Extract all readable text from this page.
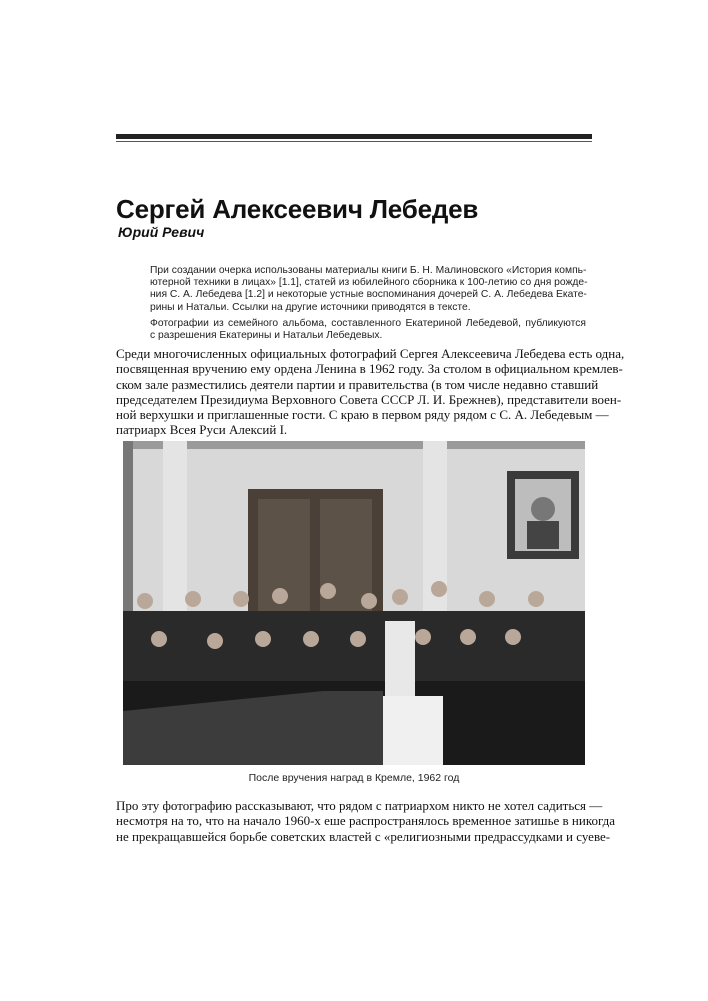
Сергей Алексеевич Лебедев
Юрий Ревич

При создании очерка использованы материалы книги Б. Н. Малиновского «История компь-
ютерной техники в лицах» [1.1], статей из юбилейного сборника к 100-летию со дня рожде-
ния С. А. Лебедева [1.2] и некоторые устные воспоминания дочерей С. А. Лебедева Екате-
рины и Натальи. Ссылки на другие источники приводятся в тексте.

Фотографии из семейного альбома, составленного Екатериной Лебедевой, публикуются
с разрешения Екатерины и Натальи Лебедевых.

Среди многочисленных официальных фотографий Сергея Алексеевича Лебедева есть одна,
посвященная вручению ему ордена Ленина в 1962 году. За столом в официальном кремлев-
ском зале разместились деятели партии и правительства (в том числе недавно ставший
председателем Президиума Верховного Совета СССР Л. И. Брежнев), представители воен-
ной верхушки и приглашенные гости. С краю в первом ряду рядом с С. А. Лебедевым —
патриарх Всея Руси Алексий I.
После вручения наград в Кремле, 1962 год
Про эту фотографию рассказывают, что рядом с патриархом никто не хотел садиться —
несмотря на то, что на начало 1960-х еше распространялось временное затишье в никогда
не прекращавшейся борьбе советских властей с «религиозными предрассудками и суеве-
